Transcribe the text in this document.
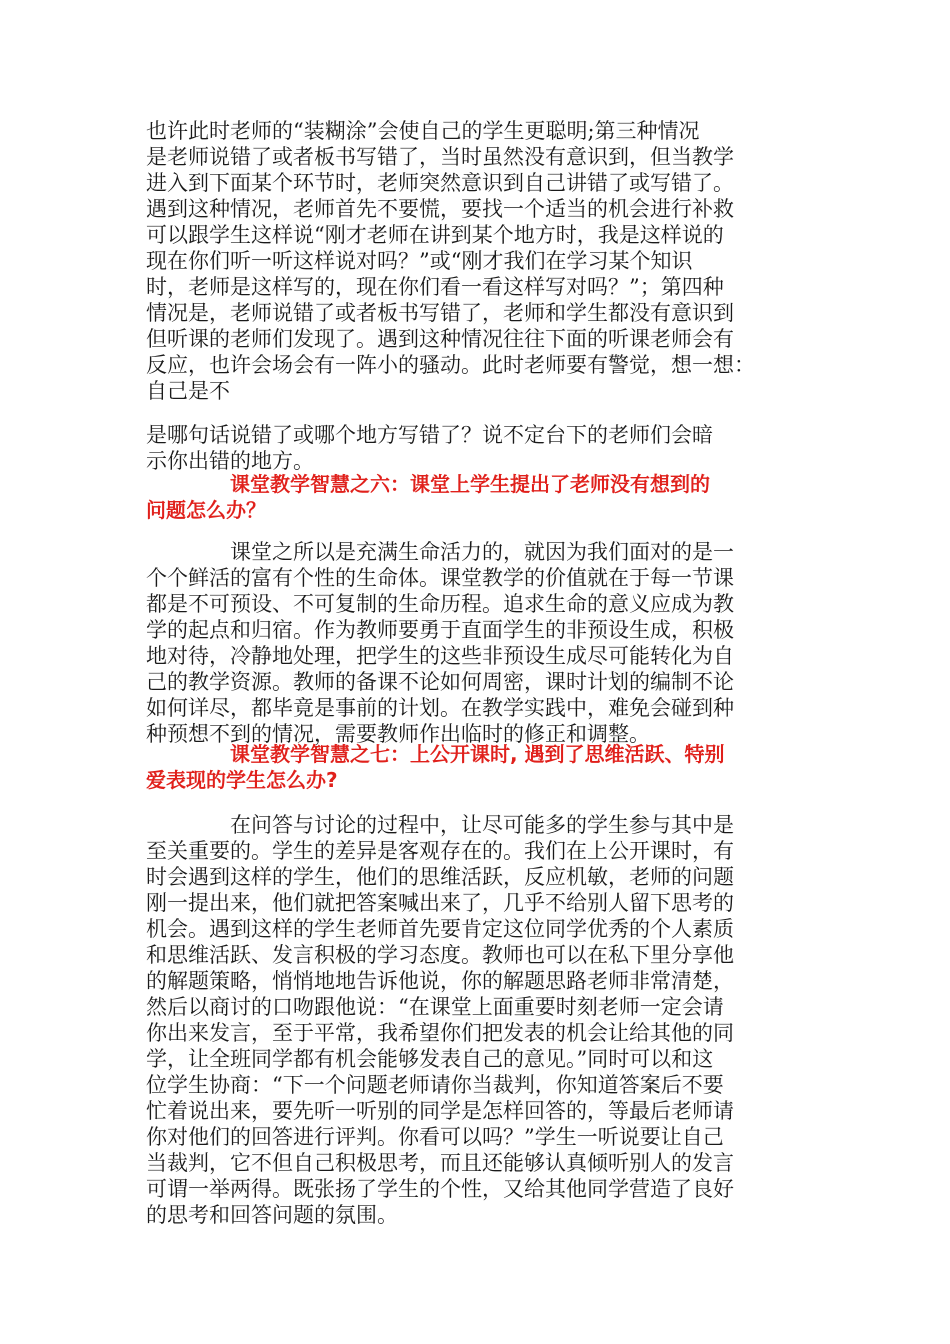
也许此时老师的“装糊涂”会使自己的学生更聪明;第三种情况
是老师说错了或者板书写错了，当时虽然没有意识到，但当教学
进入到下面某个环节时，老师突然意识到自己讲错了或写错了。
遇到这种情况，老师首先不要慌，要找一个适当的机会进行补救
可以跟学生这样说“刚才老师在讲到某个地方时，我是这样说的
现在你们听一听这样说对吗？”或“刚才我们在学习某个知识
时，老师是这样写的，现在你们看一看这样写对吗？”；第四种
情况是，老师说错了或者板书写错了，老师和学生都没有意识到
但听课的老师们发现了。遇到这种情况往往下面的听课老师会有
反应，也许会场会有一阵小的骚动。此时老师要有警觉，想一想：
自己是不
是哪句话说错了或哪个地方写错了？说不定台下的老师们会暗
示你出错的地方。
课堂教学智慧之六：课堂上学生提出了老师没有想到的
问题怎么办？
课堂之所以是充满生命活力的，就因为我们面对的是一
个个鲜活的富有个性的生命体。课堂教学的价值就在于每一节课
都是不可预设、不可复制的生命历程。追求生命的意义应成为教
学的起点和归宿。作为教师要勇于直面学生的非预设生成，积极
地对待，冷静地处理，把学生的这些非预设生成尽可能转化为自
己的教学资源。教师的备课不论如何周密，课时计划的编制不论
如何详尽，都毕竟是事前的计划。在教学实践中，难免会碰到种
种预想不到的情况，需要教师作出临时的修正和调整。
课堂教学智慧之七：上公开课时, 遇到了思维活跃、特别
爱表现的学生怎么办?
在问答与讨论的过程中，让尽可能多的学生参与其中是
至关重要的。学生的差异是客观存在的。我们在上公开课时，有
时会遇到这样的学生，他们的思维活跃，反应机敏，老师的问题
刚一提出来，他们就把答案喊出来了，几乎不给别人留下思考的
机会。遇到这样的学生老师首先要肯定这位同学优秀的个人素质
和思维活跃、发言积极的学习态度。教师也可以在私下里分享他
的解题策略，悄悄地地告诉他说，你的解题思路老师非常清楚，
然后以商讨的口吻跟他说：“在课堂上面重要时刻老师一定会请
你出来发言，至于平常，我希望你们把发表的机会让给其他的同
学，让全班同学都有机会能够发表自己的意见。”同时可以和这
位学生协商：“下一个问题老师请你当裁判，你知道答案后不要
忙着说出来，要先听一听别的同学是怎样回答的，等最后老师请
你对他们的回答进行评判。你看可以吗？”学生一听说要让自己
当裁判，它不但自己积极思考，而且还能够认真倾听别人的发言
可谓一举两得。既张扬了学生的个性，又给其他同学营造了良好
的思考和回答问题的氛围。
